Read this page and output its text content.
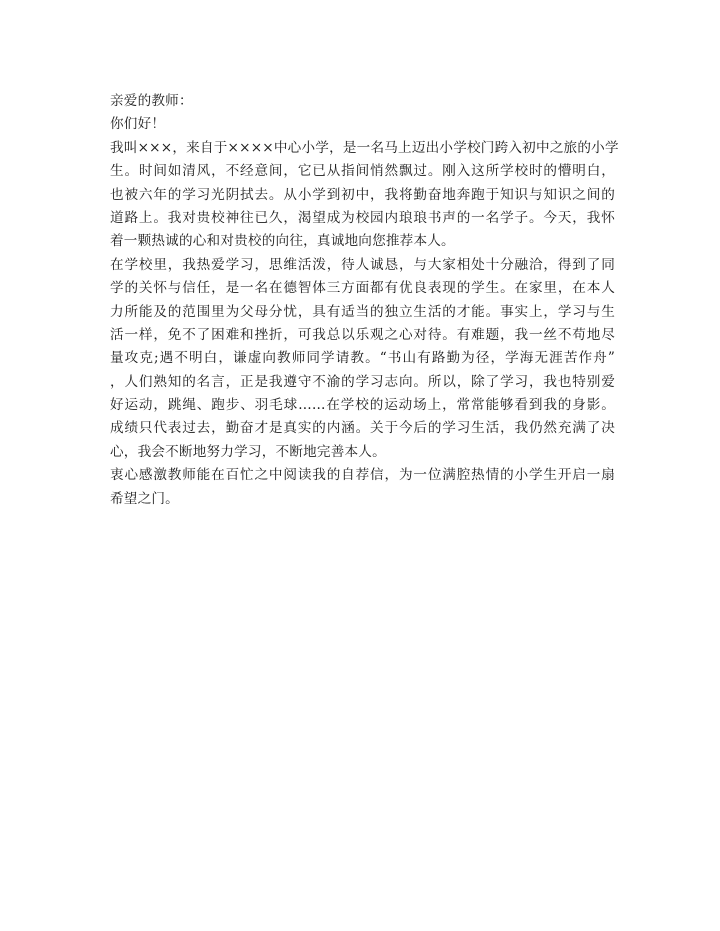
亲爱的教师：
你们好！
我叫×××，来自于××××中心小学，是一名马上迈出小学校门跨入初中之旅的小学
生。时间如清风，不经意间，它已从指间悄然飘过。刚入这所学校时的懵明白，
也被六年的学习光阴拭去。从小学到初中，我将勤奋地奔跑于知识与知识之间的
道路上。我对贵校神往已久，渴望成为校园内琅琅书声的一名学子。今天，我怀
着一颗热诚的心和对贵校的向往，真诚地向您推荐本人。
在学校里，我热爱学习，思维活泼，待人诚恳，与大家相处十分融洽，得到了同
学的关怀与信任，是一名在德智体三方面都有优良表现的学生。在家里，在本人
力所能及的范围里为父母分忧，具有适当的独立生活的才能。事实上，学习与生
活一样，免不了困难和挫折，可我总以乐观之心对待。有难题，我一丝不苟地尽
量攻克;遇不明白，谦虚向教师同学请教。“书山有路勤为径，学海无涯苦作舟”
，人们熟知的名言，正是我遵守不渝的学习志向。所以，除了学习，我也特别爱
好运动，跳绳、跑步、羽毛球……在学校的运动场上，常常能够看到我的身影。
成绩只代表过去，勤奋才是真实的内涵。关于今后的学习生活，我仍然充满了决
心，我会不断地努力学习，不断地完善本人。
衷心感激教师能在百忙之中阅读我的自荐信，为一位满腔热情的小学生开启一扇
希望之门。
